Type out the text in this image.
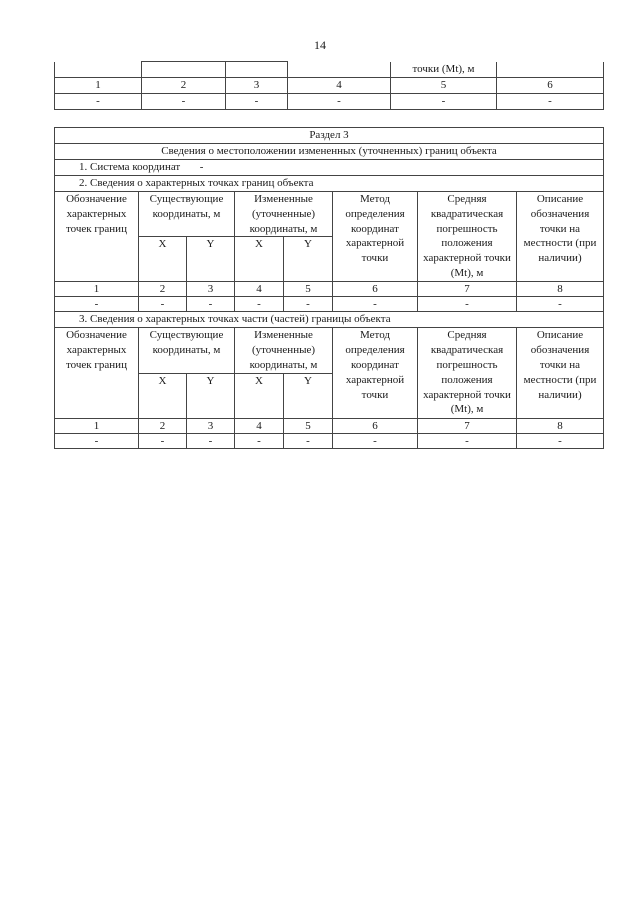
14
				точки (Mt), м	
1	2	3	4	5	6
-	-	-	-	-	-
Раздел 3							
Сведения о местоположении измененных (уточненных) границ объекта							
1. Система координат -							
2. Сведения о характерных точках границ объекта							
Обозначение характерных точек границ	Существующие координаты, м		Измененные (уточненные) координаты, м		Метод определения координат характерной точки	Средняя квадратическая погрешность положения характерной точки (Mt), м	Описание обозначения точки на местности (при наличии)
	X	Y	X	Y			
1	2	3	4	5	6	7	8
-	-	-	-	-	-	-	-
3. Сведения о характерных точках части (частей) границы объекта							
Обозначение характерных точек границ	Существующие координаты, м		Измененные (уточненные) координаты, м		Метод определения координат характерной точки	Средняя квадратическая погрешность положения характерной точки (Mt), м	Описание обозначения точки на местности (при наличии)
	X	Y	X	Y			
1	2	3	4	5	6	7	8
-	-	-	-	-	-	-	-
